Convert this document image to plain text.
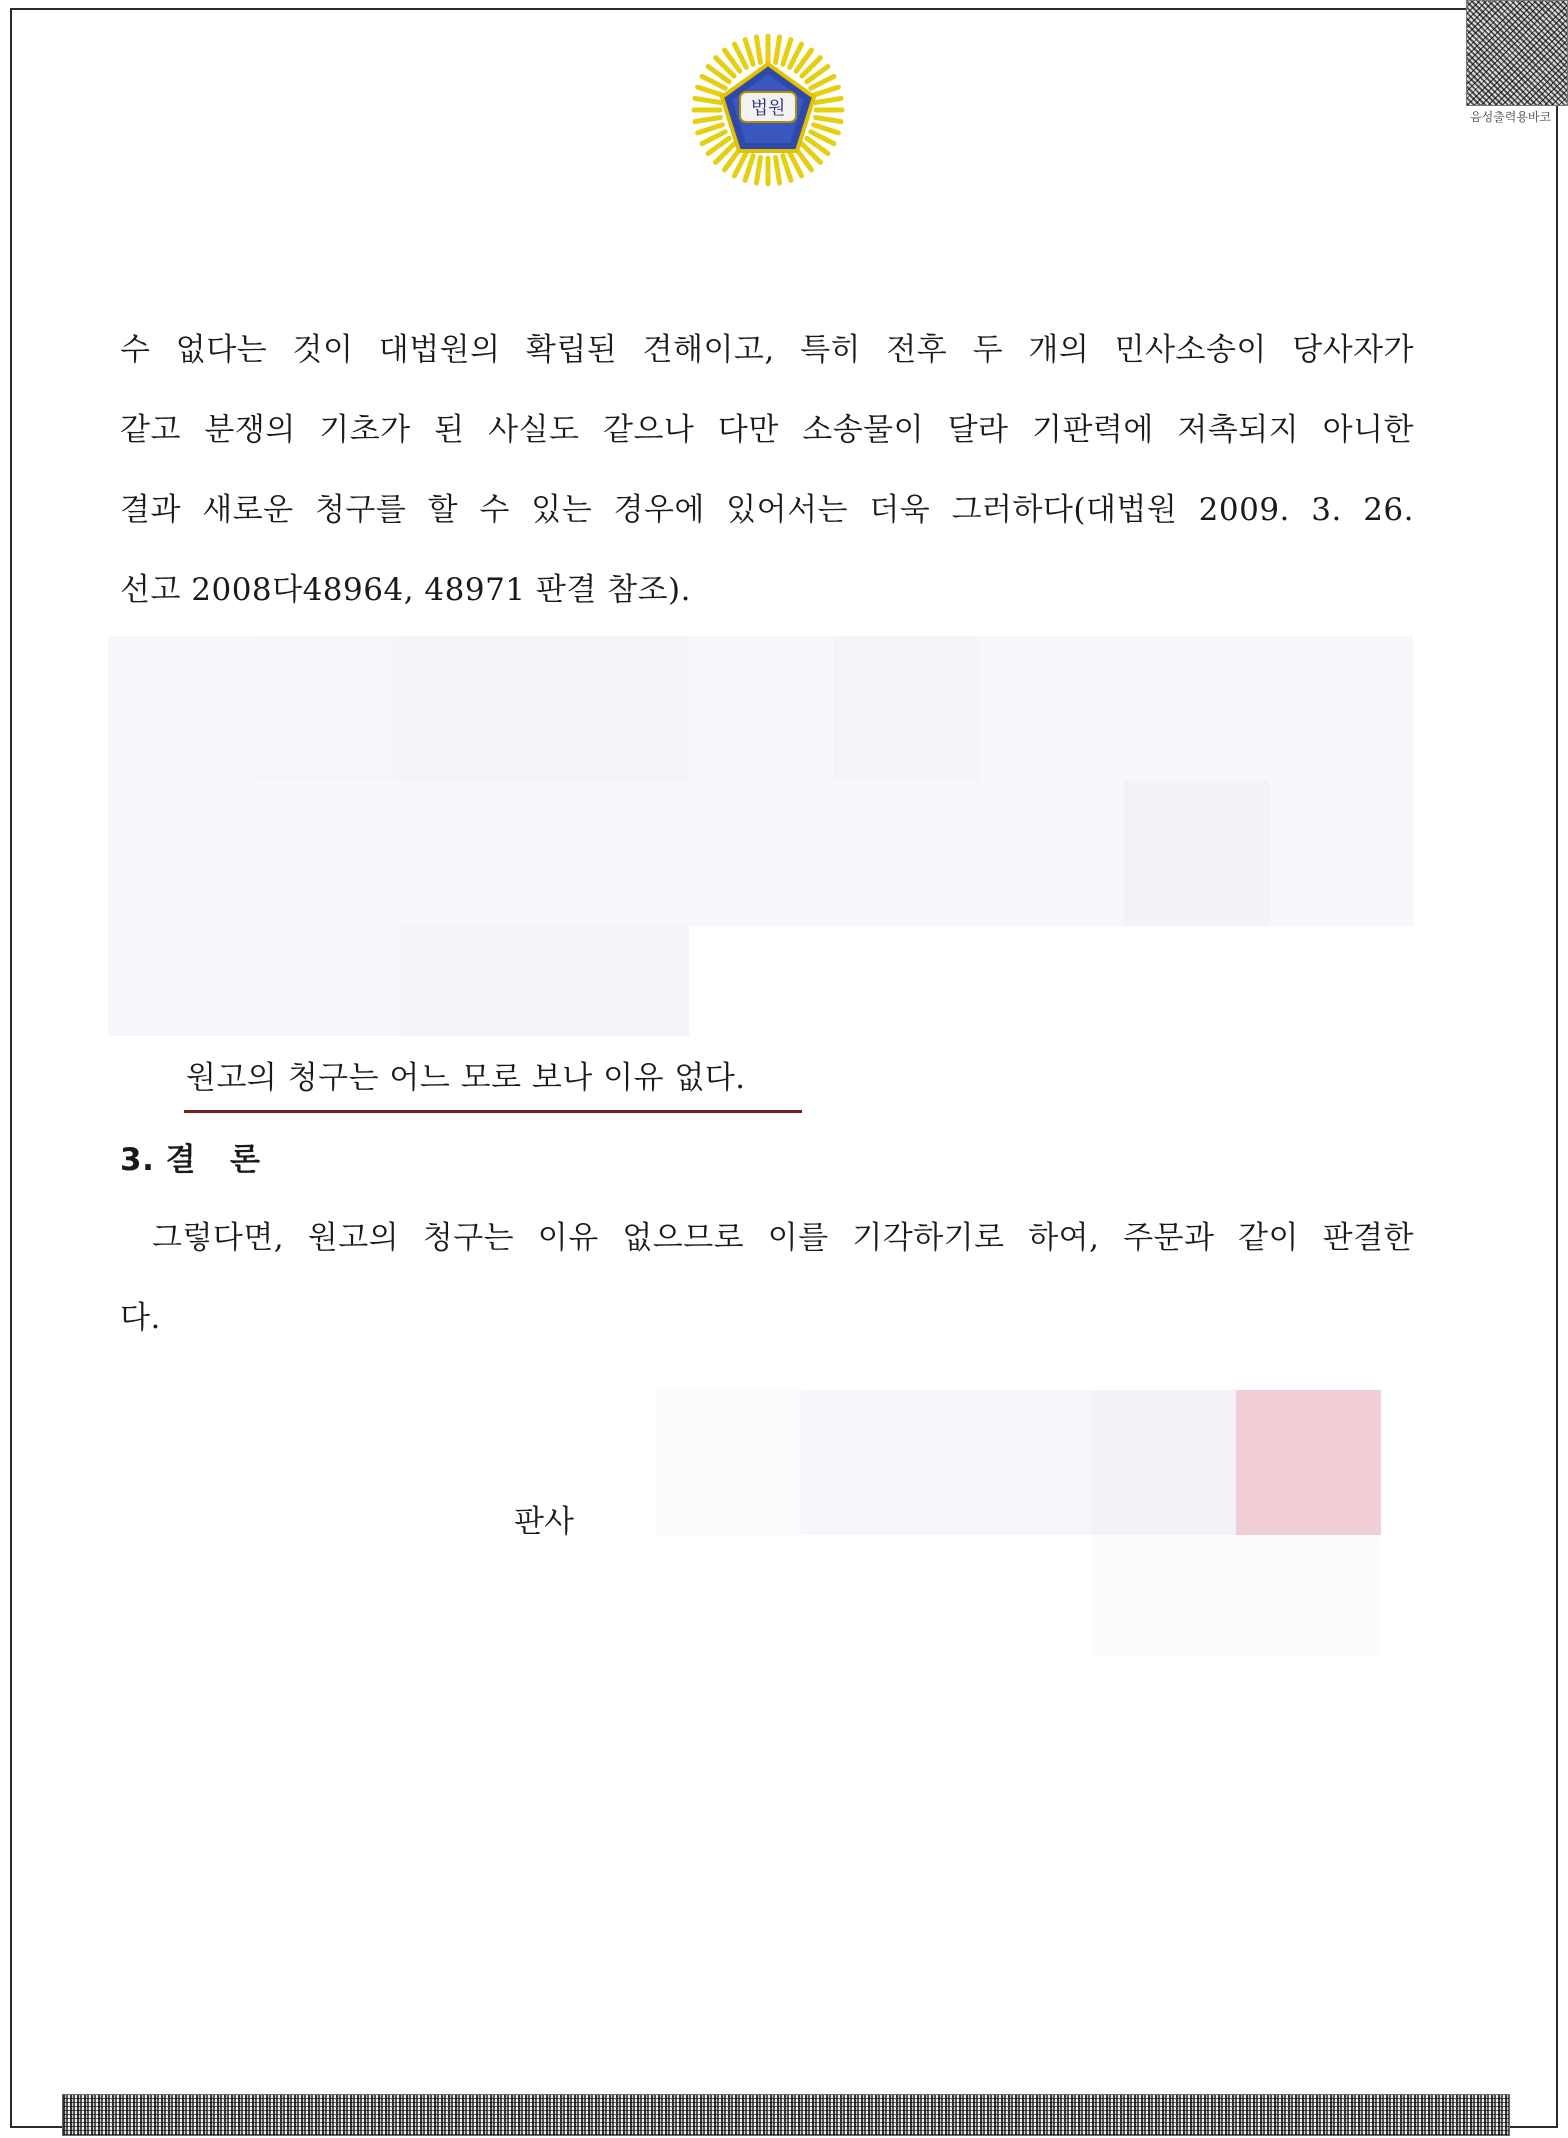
법원	음성출력용바코

수 없다는 것이 대법원의 확립된 견해이고, 특히 전후 두 개의 민사소송이 당사자가

같고 분쟁의 기초가 된 사실도 같으나 다만 소송물이 달라 기판력에 저촉되지 아니한

결과 새로운 청구를 할 수 있는 경우에 있어서는 더욱 그러하다(대법원 2009. 3. 26.

선고 2008다48964, 48971 판결 참조).

원고의 청구는 어느 모로 보나 이유 없다.
3. 결   론

그렇다면, 원고의 청구는 이유 없으므로 이를 기각하기로 하여, 주문과 같이 판결한

다.

판사
